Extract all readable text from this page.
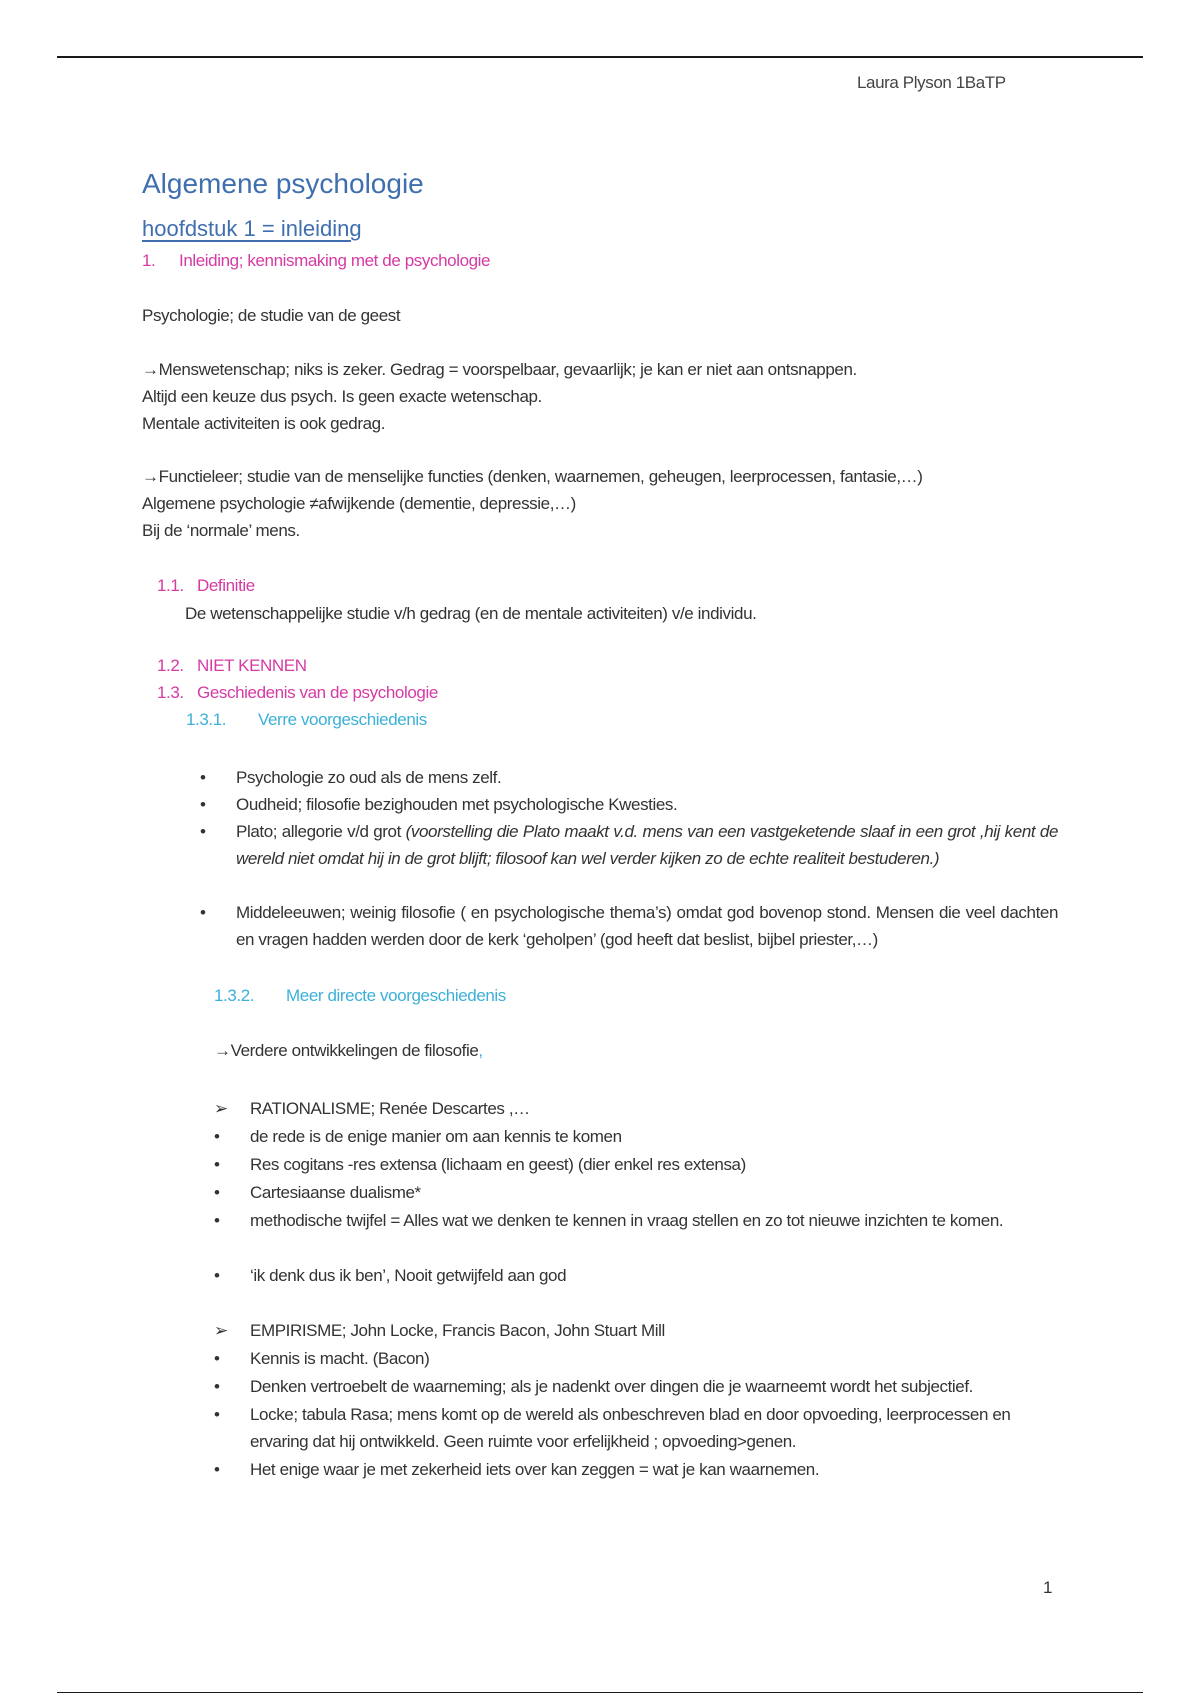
Laura Plyson 1BaTP
Algemene psychologie
hoofdstuk 1 = inleiding
1. Inleiding; kennismaking met de psychologie
Psychologie; de studie van de geest
→Menswetenschap; niks is zeker. Gedrag = voorspelbaar, gevaarlijk; je kan er niet aan ontsnappen.
Altijd een keuze dus psych. Is geen exacte wetenschap.
Mentale activiteiten is ook gedrag.
→Functieleer; studie van de menselijke functies (denken, waarnemen, geheugen, leerprocessen, fantasie,…)
Algemene psychologie ≠afwijkende (dementie, depressie,…)
Bij de ‘normale’ mens.
1.1. Definitie
De wetenschappelijke studie v/h gedrag (en de mentale activiteiten) v/e individu.
1.2. NIET KENNEN
1.3. Geschiedenis van de psychologie
1.3.1. Verre voorgeschiedenis
• Psychologie zo oud als de mens zelf.
• Oudheid; filosofie bezighouden met psychologische Kwesties.
• Plato; allegorie v/d grot (voorstelling die Plato maakt v.d. mens van een vastgeketende slaaf in een grot ,hij kent de wereld niet omdat hij in de grot blijft; filosoof kan wel verder kijken zo de echte realiteit bestuderen.)
• Middeleeuwen; weinig filosofie ( en psychologische thema’s) omdat god bovenop stond. Mensen die veel dachten en vragen hadden werden door de kerk ‘geholpen’ (god heeft dat beslist, bijbel priester,…)
1.3.2. Meer directe voorgeschiedenis
→Verdere ontwikkelingen de filosofie,
➢ RATIONALISME; Renée Descartes ,…
• de rede is de enige manier om aan kennis te komen
• Res cogitans -res extensa (lichaam en geest) (dier enkel res extensa)
• Cartesiaanse dualisme*
• methodische twijfel = Alles wat we denken te kennen in vraag stellen en zo tot nieuwe inzichten te komen.
• ‘ik denk dus ik ben’, Nooit getwijfeld aan god
➢ EMPIRISME; John Locke, Francis Bacon, John Stuart Mill
• Kennis is macht. (Bacon)
• Denken vertroebelt de waarneming; als je nadenkt over dingen die je waarneemt wordt het subjectief.
• Locke; tabula Rasa; mens komt op de wereld als onbeschreven blad en door opvoeding, leerprocessen en ervaring dat hij ontwikkeld. Geen ruimte voor erfelijkheid ; opvoeding>genen.
• Het enige waar je met zekerheid iets over kan zeggen = wat je kan waarnemen.
1
